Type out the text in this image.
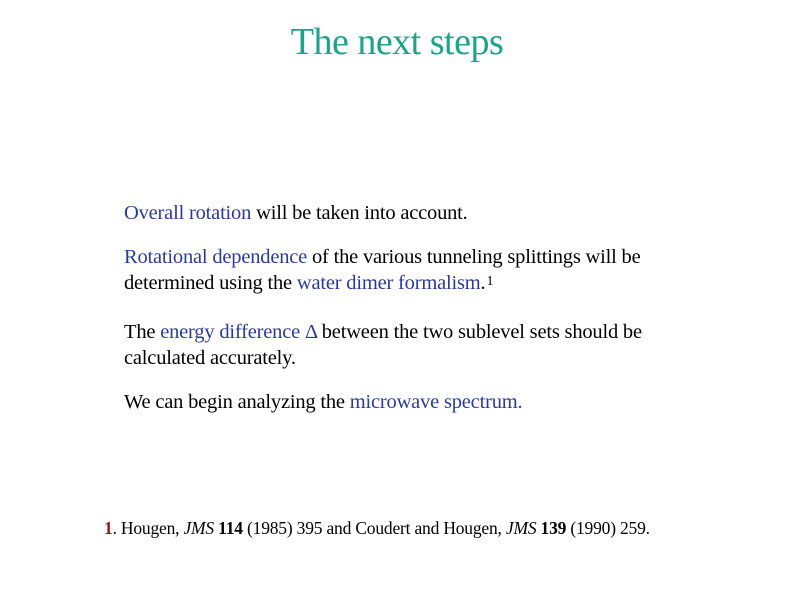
The next steps

Overall rotation will be taken into account.

Rotational dependence of the various tunneling splittings will be determined using the water dimer formalism.$^1$

The energy difference Δ between the two sublevel sets should be calculated accurately.

We can begin analyzing the microwave spectrum.

1. Hougen, JMS 114 (1985) 395 and Coudert and Hougen, JMS 139 (1990) 259.
